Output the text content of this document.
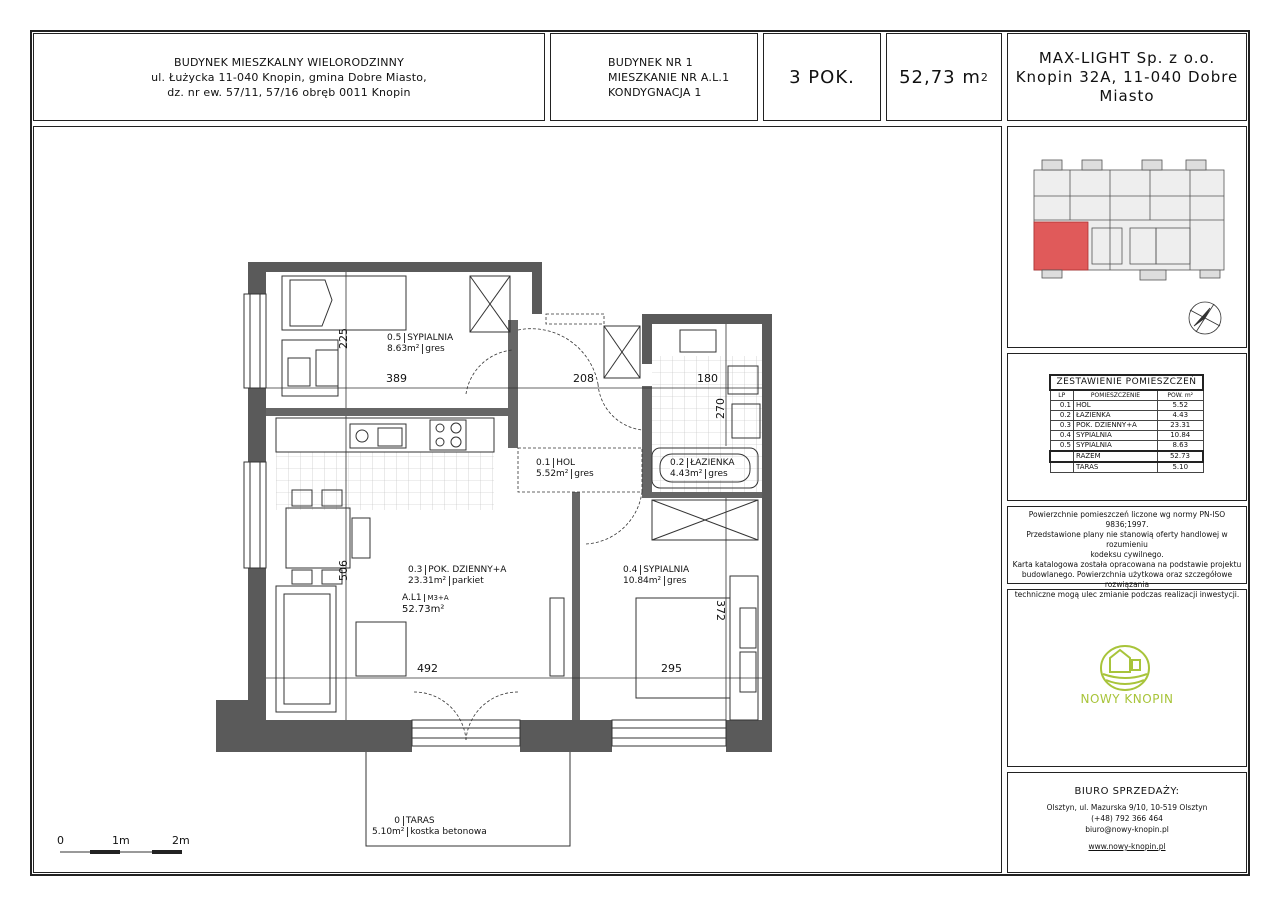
BUDYNEK MIESZKALNY WIELORODZINNY
ul. Łużycka 11-040 Knopin, gmina Dobre Miasto,
dz. nr ew. 57/11, 57/16 obręb 0011 Knopin
BUDYNEK NR 1
MIESZKANIE NR A.L.1
KONDYGNACJA 1
3 POK. 52,73 m 2
MAX-LIGHT Sp. z o.o.
Knopin 32A, 11-040 Dobre
Miasto
0.5 SYPIALNIA
8.63m² gres
0.1 HOL
5.52m² gres
0.2 ŁAZIENKA
4.43m² gres
0.3 POK. DZIENNY+A
23.31m² parkiet
A.L1 M3+A
52.73m²
0.4 SYPIALNIA
10.84m² gres
0 TARAS
5.10m² kostka betonowa
389	208	180
225
270
506
492	295
372
0	1m	2m
ZESTAWIENIE POMIESZCZEŃ		
LP	POMIESZCZENIE	POW. m²
0.1	HOL	5.52
0.2	ŁAZIENKA	4.43
0.3	POK. DZIENNY+A	23.31
0.4	SYPIALNIA	10.84
0.5	SYPIALNIA	8.63
	RAZEM	52.73
	TARAS	5.10
Powierzchnie pomieszczeń liczone wg normy PN-ISO 9836;1997.
Przedstawione plany nie stanowią oferty handlowej w rozumieniu
kodeksu cywilnego.
Karta katalogowa została opracowana na podstawie projektu
budowlanego. Powierzchnia użytkowa oraz szczegółowe rozwiązania
techniczne mogą ulec zmianie podczas realizacji inwestycji.
NOWY KNOPIN
BIURO SPRZEDAŻY:
Olsztyn, ul. Mazurska 9/10, 10-519 Olsztyn
(+48) 792 366 464
biuro@nowy-knopin.pl
www.nowy-knopin.pl
